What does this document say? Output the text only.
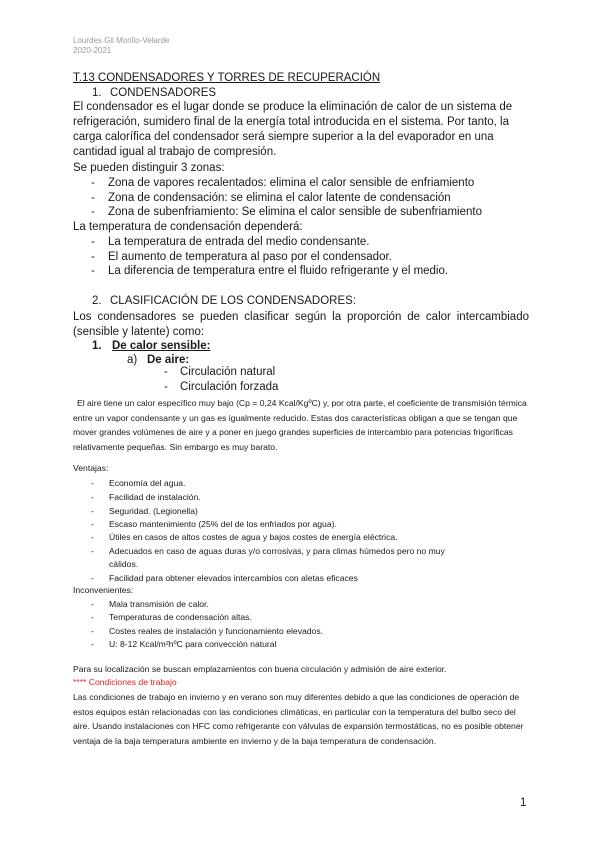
Lourdes Gil Morillo-Velarde
2020-2021
T.13 CONDENSADORES Y TORRES DE RECUPERACIÓN
1. CONDENSADORES
El condensador es el lugar donde se produce la eliminación de calor de un sistema de refrigeración, sumidero final de la energía total introducida en el sistema. Por tanto, la carga calorífica del condensador será siempre superior a la del evaporador en una cantidad igual al trabajo de compresión.
Se pueden distinguir 3 zonas:
- Zona de vapores recalentados: elimina el calor sensible de enfriamiento
- Zona de condensación: se elimina el calor latente de condensación
- Zona de subenfriamiento: Se elimina el calor sensible de subenfriamiento
La temperatura de condensación dependerá:
- La temperatura de entrada del medio condensante.
- El aumento de temperatura al paso por el condensador.
- La diferencia de temperatura entre el fluido refrigerante y el medio.
2. CLASIFICACIÓN DE LOS CONDENSADORES:
Los condensadores se pueden clasificar según la proporción de calor intercambiado (sensible y latente) como:
1. De calor sensible:
a) De aire:
- Circulación natural
- Circulación forzada
El aire tiene un calor específico muy bajo (Cp = 0,24 Kcal/KgºC) y, por otra parte, el coeficiente de transmisión térmica entre un vapor condensante y un gas es igualmente reducido. Estas dos características obligan a que se tengan que mover grandes volúmenes de aire y a poner en juego grandes superficies de intercambio para potencias frigoríficas relativamente pequeñas. Sin embargo es muy barato.
Ventajas:
- Economía del agua.
- Facilidad de instalación.
- Seguridad. (Legionella)
- Escaso mantenimiento (25% del de los enfriados por agua).
- Útiles en casos de altos costes de agua y bajos costes de energía eléctrica.
- Adecuados en caso de aguas duras y/o corrosivas, y para climas húmedos pero no muy
cálidos.
- Facilidad para obtener elevados intercambios con aletas eficaces
Inconvenientes:
- Mala transmisión de calor.
- Temperaturas de condensación altas.
- Costes reales de instalación y funcionamiento elevados.
- U: 8-12 Kcal/m²hºC para convección natural
Para su localización se buscan emplazamientos con buena circulación y admisión de aire exterior.
**** Condiciones de trabajo
Las condiciones de trabajo en invierno y en verano son muy diferentes debido a que las condiciones de operación de estos equipos están relacionadas con las condiciones climáticas, en particular con la temperatura del bulbo seco del aire. Usando instalaciones con HFC como refrigerante con válvulas de expansión termostáticas, no es posible obtener ventaja de la baja temperatura ambiente en invierno y de la baja temperatura de condensación.
1
